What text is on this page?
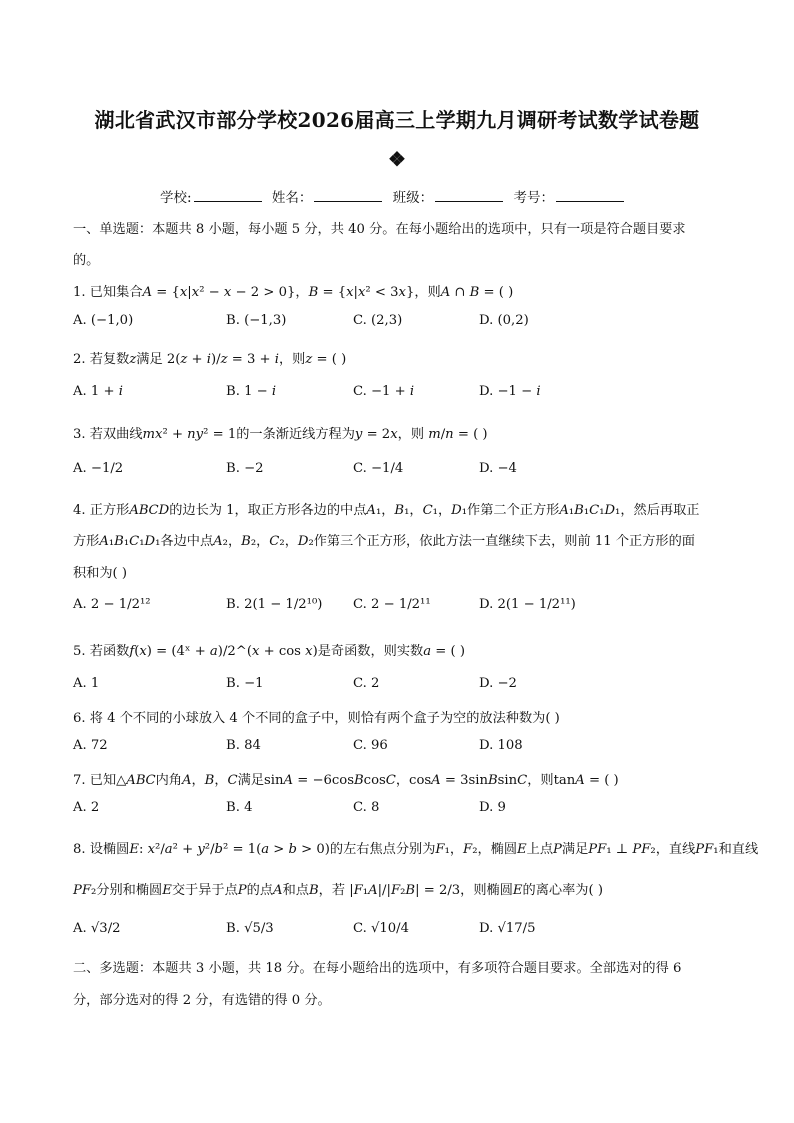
湖北省武汉市部分学校2026届高三上学期九月调研考试数学试卷题
❖
学校:	姓名：	班级：	考号：
一、单选题：本题共 8 小题，每小题 5 分，共 40 分。在每小题给出的选项中，只有一项是符合题目要求
的。
1. 已知集合𝐴 = {𝑥|𝑥² − 𝑥 − 2 > 0}，𝐵 = {𝑥|𝑥² < 3𝑥}，则𝐴 ∩ 𝐵 = ( )
A. (−1,0)	B. (−1,3)	C. (2,3)	D. (0,2)
2. 若复数𝑧满足 2(𝑧 + 𝑖)/𝑧 = 3 + 𝑖，则𝑧 = ( )
A. 1 + 𝑖	B. 1 − 𝑖	C. −1 + 𝑖	D. −1 − 𝑖
3. 若双曲线𝑚𝑥² + 𝑛𝑦² = 1的一条渐近线方程为𝑦 = 2𝑥，则 𝑚/𝑛 = ( )
A. −1/2	B. −2	C. −1/4	D. −4
4. 正方形𝐴𝐵𝐶𝐷的边长为 1，取正方形各边的中点𝐴₁，𝐵₁，𝐶₁，𝐷₁作第二个正方形𝐴₁𝐵₁𝐶₁𝐷₁，然后再取正
方形𝐴₁𝐵₁𝐶₁𝐷₁各边中点𝐴₂，𝐵₂，𝐶₂，𝐷₂作第三个正方形，依此方法一直继续下去，则前 11 个正方形的面
积和为( )
A. 2 − 1/2¹²	B. 2(1 − 1/2¹⁰) C. 2 − 1/2¹¹	D. 2(1 − 1/2¹¹)
5. 若函数𝑓(𝑥) = (4ˣ + 𝑎)/2^(𝑥 + cos 𝑥)是奇函数，则实数𝑎 = ( )
A. 1	B. −1	C. 2	D. −2
6. 将 4 个不同的小球放入 4 个不同的盒子中，则恰有两个盒子为空的放法种数为( )
A. 72	B. 84	C. 96	D. 108
7. 已知△𝐴𝐵𝐶内角𝐴，𝐵，𝐶满足sin𝐴 = −6cos𝐵cos𝐶，cos𝐴 = 3sin𝐵sin𝐶，则tan𝐴 = ( )
A. 2	B. 4	C. 8	D. 9
8. 设椭圆𝐸: 𝑥²/𝑎² + 𝑦²/𝑏² = 1(𝑎 > 𝑏 > 0)的左右焦点分别为𝐹₁，𝐹₂，椭圆𝐸上点𝑃满足𝑃𝐹₁ ⊥ 𝑃𝐹₂，直线𝑃𝐹₁和直线
𝑃𝐹₂分别和椭圆𝐸交于异于点𝑃的点𝐴和点𝐵，若 |𝐹₁𝐴|/|𝐹₂𝐵| = 2/3，则椭圆𝐸的离心率为( )
A. √3/2	B. √5/3	C. √10/4	D. √17/5
二、多选题：本题共 3 小题，共 18 分。在每小题给出的选项中，有多项符合题目要求。全部选对的得 6
分，部分选对的得 2 分，有选错的得 0 分。
